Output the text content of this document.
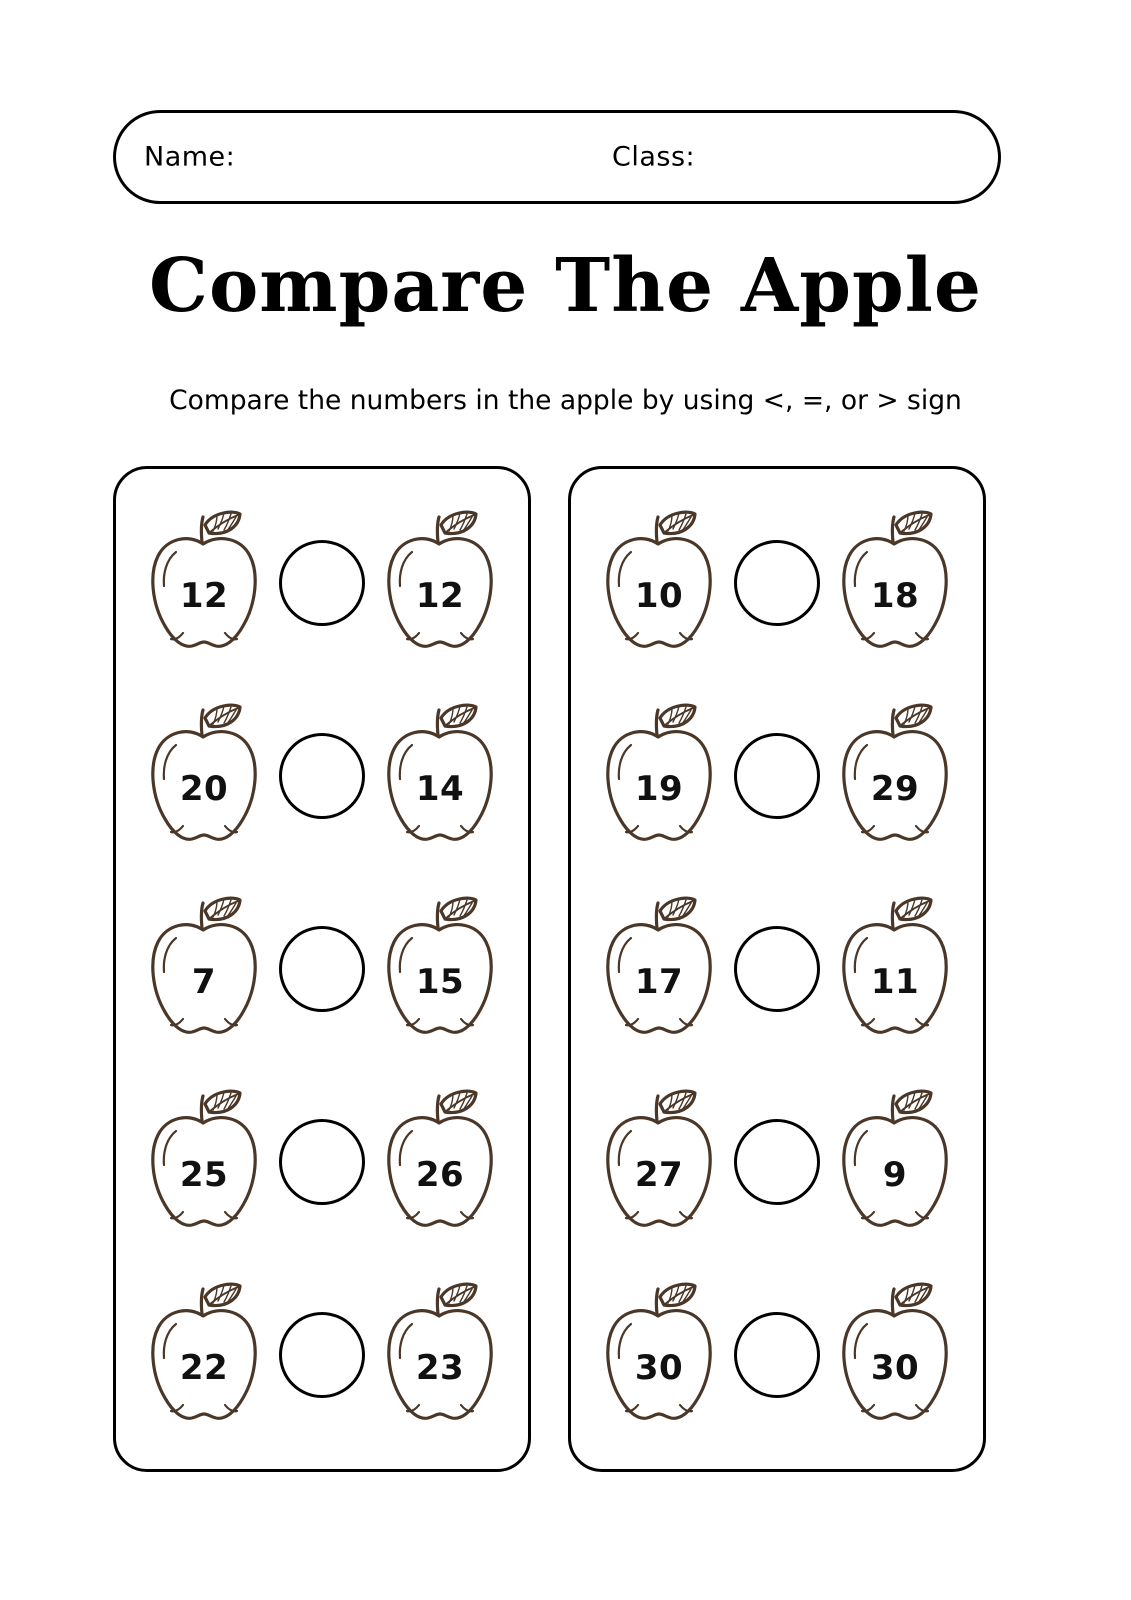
Name:	Class:
Compare The Apple
Compare the numbers in the apple by using <, =, or > sign
12	12
20	14
7	15
25	26
22	23
10	18
19	29
17	11
27	9
30	30
